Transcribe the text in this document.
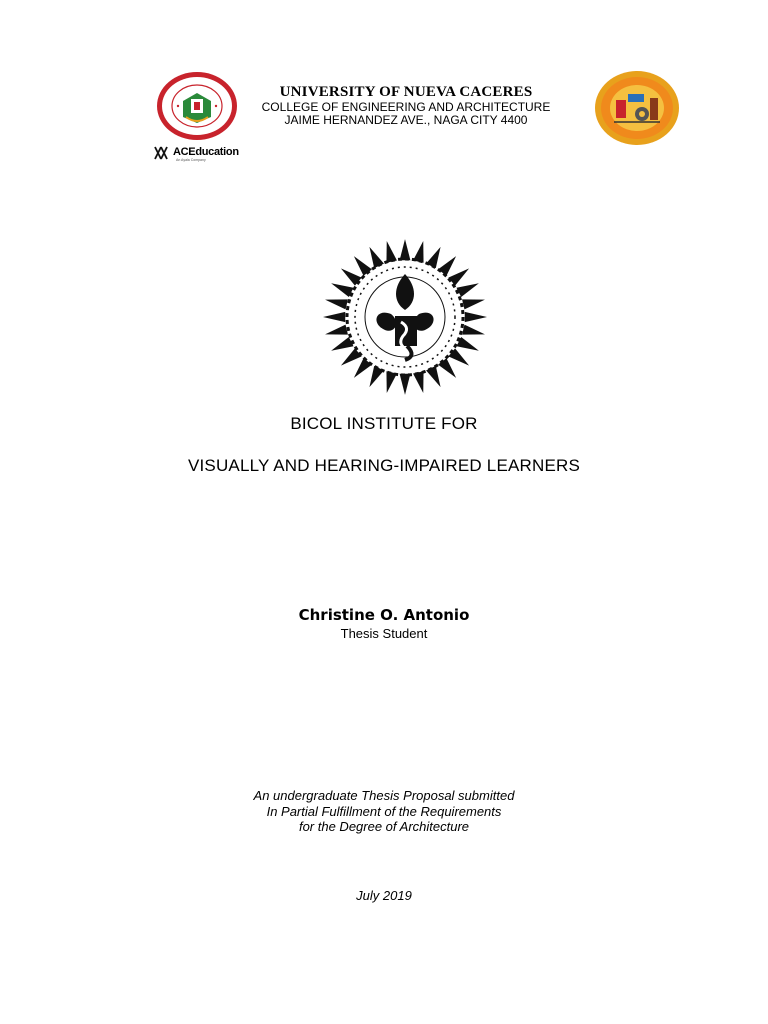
ACEducation
An Ayala Company
UNIVERSITY OF NUEVA CACERES
COLLEGE OF ENGINEERING AND ARCHITECTURE
JAIME HERNANDEZ AVE., NAGA CITY 4400
BICOL INSTITUTE FOR
VISUALLY AND HEARING-IMPAIRED LEARNERS
Christine O. Antonio
Thesis Student
An undergraduate Thesis Proposal submitted
In Partial Fulfillment of the Requirements
for the Degree of Architecture
July 2019
